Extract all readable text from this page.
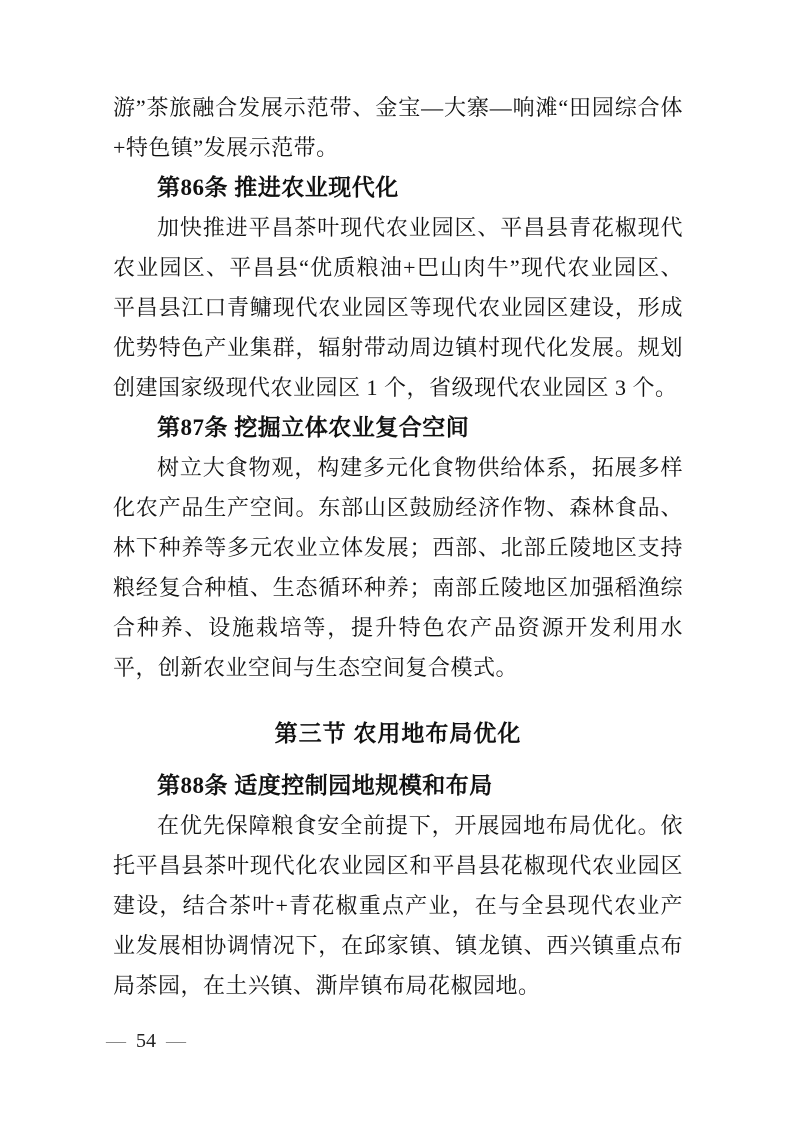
游”茶旅融合发展示范带、金宝—大寨—响滩“田园综合体+特色镇”发展示范带。

第86条 推进农业现代化

加快推进平昌茶叶现代农业园区、平昌县青花椒现代农业园区、平昌县“优质粮油+巴山肉牛”现代农业园区、平昌县江口青鳙现代农业园区等现代农业园区建设，形成优势特色产业集群，辐射带动周边镇村现代化发展。规划创建国家级现代农业园区 1 个，省级现代农业园区 3 个。

第87条 挖掘立体农业复合空间

树立大食物观，构建多元化食物供给体系，拓展多样化农产品生产空间。东部山区鼓励经济作物、森林食品、林下种养等多元农业立体发展；西部、北部丘陵地区支持粮经复合种植、生态循环种养；南部丘陵地区加强稻渔综合种养、设施栽培等，提升特色农产品资源开发利用水平，创新农业空间与生态空间复合模式。

第三节 农用地布局优化

第88条 适度控制园地规模和布局

在优先保障粮食安全前提下，开展园地布局优化。依托平昌县茶叶现代化农业园区和平昌县花椒现代农业园区建设，结合茶叶+青花椒重点产业，在与全县现代农业产业发展相协调情况下，在邱家镇、镇龙镇、西兴镇重点布局茶园，在土兴镇、澌岸镇布局花椒园地。

— 54 —
